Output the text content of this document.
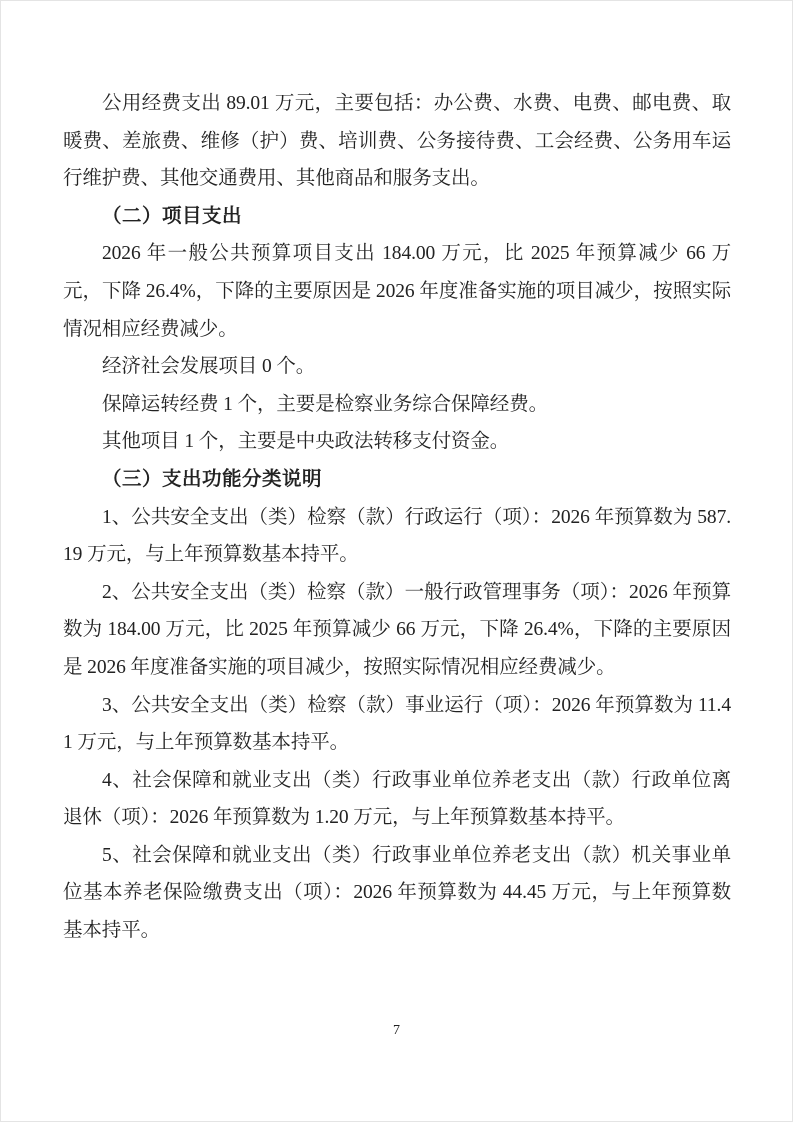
公用经费支出 89.01 万元，主要包括：办公费、水费、电费、邮电费、取暖费、差旅费、维修（护）费、培训费、公务接待费、工会经费、公务用车运行维护费、其他交通费用、其他商品和服务支出。

（二）项目支出

2026 年一般公共预算项目支出 184.00 万元，比 2025 年预算减少 66 万元，下降 26.4%，下降的主要原因是 2026 年度准备实施的项目减少，按照实际情况相应经费减少。

经济社会发展项目 0 个。

保障运转经费 1 个，主要是检察业务综合保障经费。

其他项目 1 个，主要是中央政法转移支付资金。

（三）支出功能分类说明

1、公共安全支出（类）检察（款）行政运行（项）：2026 年预算数为 587.19 万元，与上年预算数基本持平。

2、公共安全支出（类）检察（款）一般行政管理事务（项）：2026 年预算数为 184.00 万元，比 2025 年预算减少 66 万元，下降 26.4%，下降的主要原因是 2026 年度准备实施的项目减少，按照实际情况相应经费减少。

3、公共安全支出（类）检察（款）事业运行（项）：2026 年预算数为 11.41 万元，与上年预算数基本持平。

4、社会保障和就业支出（类）行政事业单位养老支出（款）行政单位离退休（项）：2026 年预算数为 1.20 万元，与上年预算数基本持平。

5、社会保障和就业支出（类）行政事业单位养老支出（款）机关事业单位基本养老保险缴费支出（项）：2026 年预算数为 44.45 万元，与上年预算数基本持平。

7
